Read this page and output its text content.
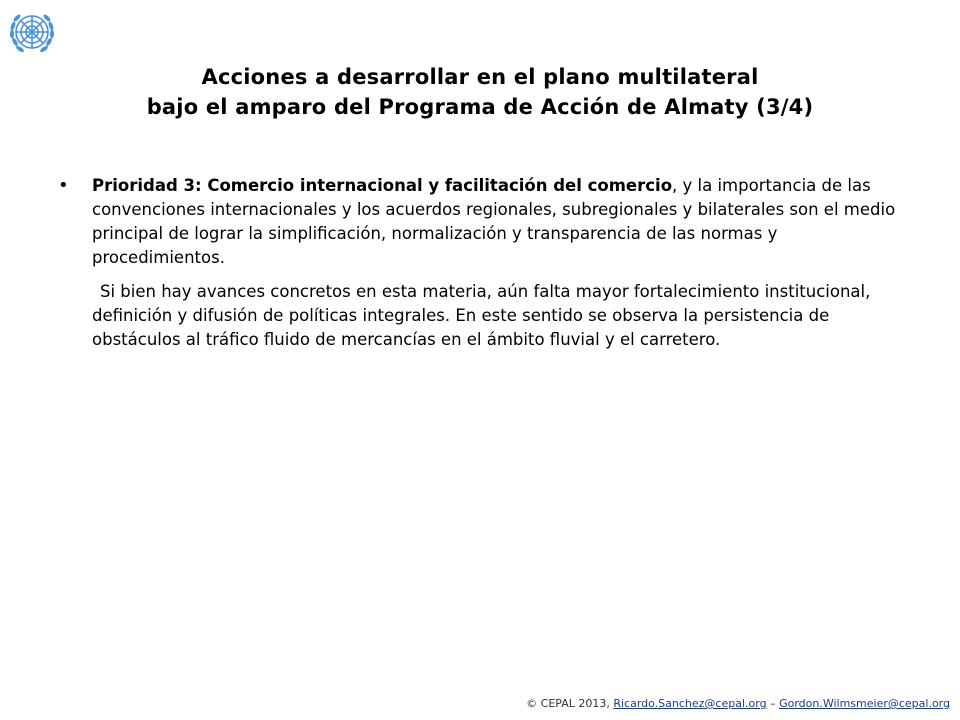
Acciones a desarrollar en el plano multilateral
bajo el amparo del Programa de Acción de Almaty (3/4)
•	Prioridad 3: Comercio internacional y facilitación del comercio, y la importancia de las convenciones internacionales y los acuerdos regionales, subregionales y bilaterales son el medio principal de lograr la simplificación, normalización y transparencia de las normas y procedimientos.
Si bien hay avances concretos en esta materia, aún falta mayor fortalecimiento institucional, definición y difusión de políticas integrales. En este sentido se observa la persistencia de obstáculos al tráfico fluido de mercancías en el ámbito fluvial y el carretero.
© CEPAL 2013, Ricardo.Sanchez@cepal.org – Gordon.Wilmsmeier@cepal.org
